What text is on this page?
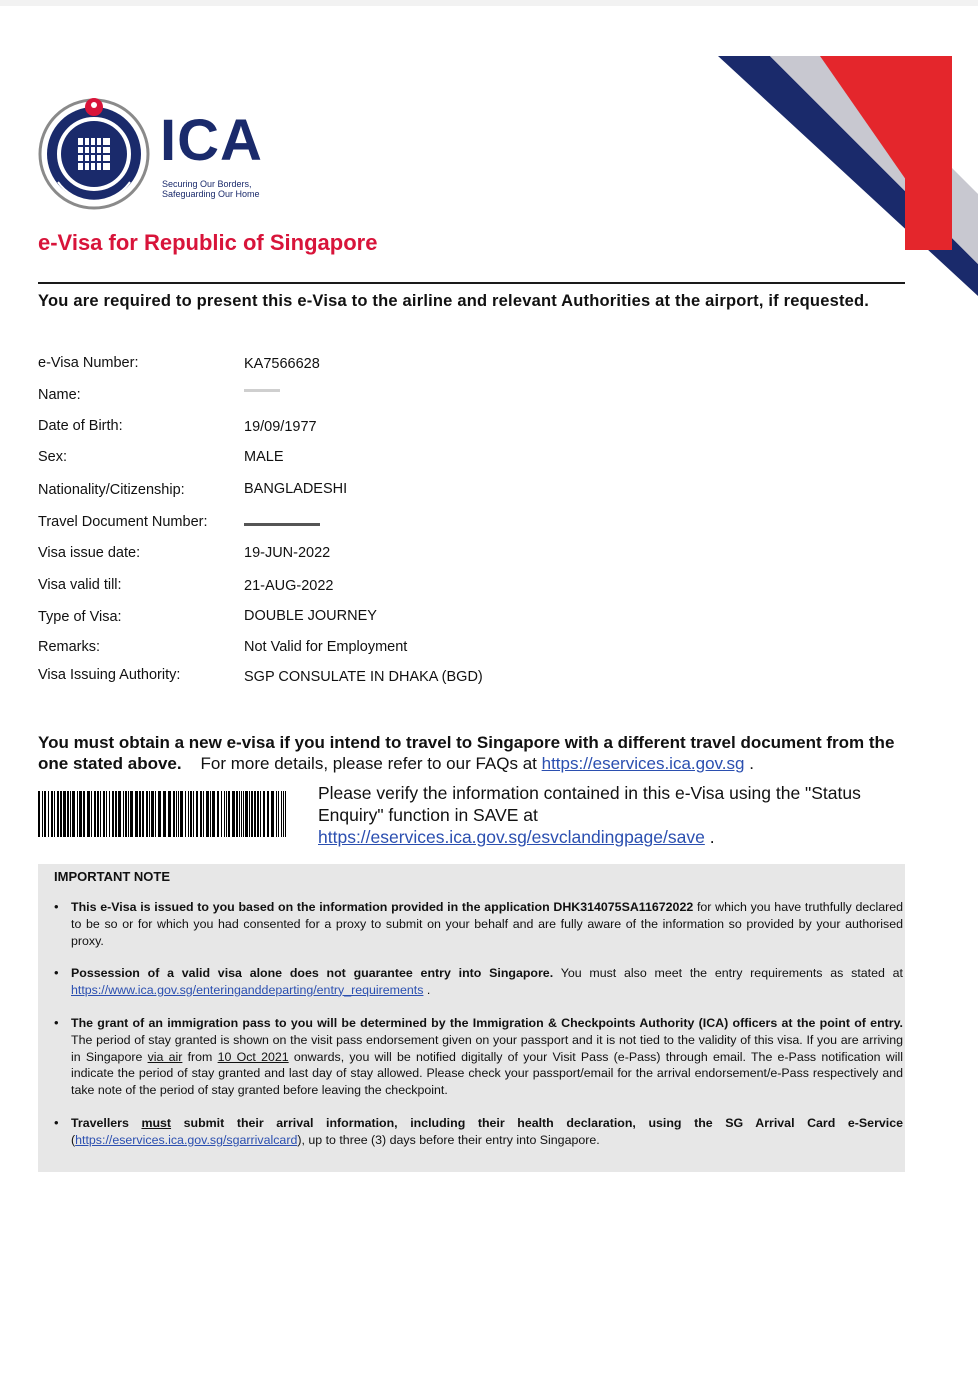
ICA
Securing Our Borders,
Safeguarding Our Home
e-Visa for Republic of Singapore
You are required to present this e-Visa to the airline and relevant Authorities at the airport, if requested.
e-Visa Number:	KA7566628
Name:
Date of Birth:	19/09/1977
Sex:	MALE
Nationality/Citizenship:	BANGLADESHI
Travel Document Number:
Visa issue date:	19-JUN-2022
Visa valid till:	21-AUG-2022
Type of Visa:	DOUBLE JOURNEY
Remarks:	Not Valid for Employment
Visa Issuing Authority:	SGP CONSULATE IN DHAKA (BGD)
You must obtain a new e-visa if you intend to travel to Singapore with a different travel document from the one stated above. For more details, please refer to our FAQs at https://eservices.ica.gov.sg .
Please verify the information contained in this e-Visa using the "Status Enquiry" function in SAVE at
https://eservices.ica.gov.sg/esvclandingpage/save .
IMPORTANT NOTE
• This e-Visa is issued to you based on the information provided in the application DHK314075SA11672022 for which you have truthfully declared to be so or for which you had consented for a proxy to submit on your behalf and are fully aware of the information so provided by your authorised proxy.
• Possession of a valid visa alone does not guarantee entry into Singapore. You must also meet the entry requirements as stated at https://www.ica.gov.sg/enteringanddeparting/entry_requirements .
• The grant of an immigration pass to you will be determined by the Immigration & Checkpoints Authority (ICA) officers at the point of entry. The period of stay granted is shown on the visit pass endorsement given on your passport and it is not tied to the validity of this visa. If you are arriving in Singapore via air from 10 Oct 2021 onwards, you will be notified digitally of your Visit Pass (e-Pass) through email. The e-Pass notification will indicate the period of stay granted and last day of stay allowed. Please check your passport/email for the arrival endorsement/e-Pass respectively and take note of the period of stay granted before leaving the checkpoint.
• Travellers must submit their arrival information, including their health declaration, using the SG Arrival Card e-Service (https://eservices.ica.gov.sg/sgarrivalcard), up to three (3) days before their entry into Singapore.
